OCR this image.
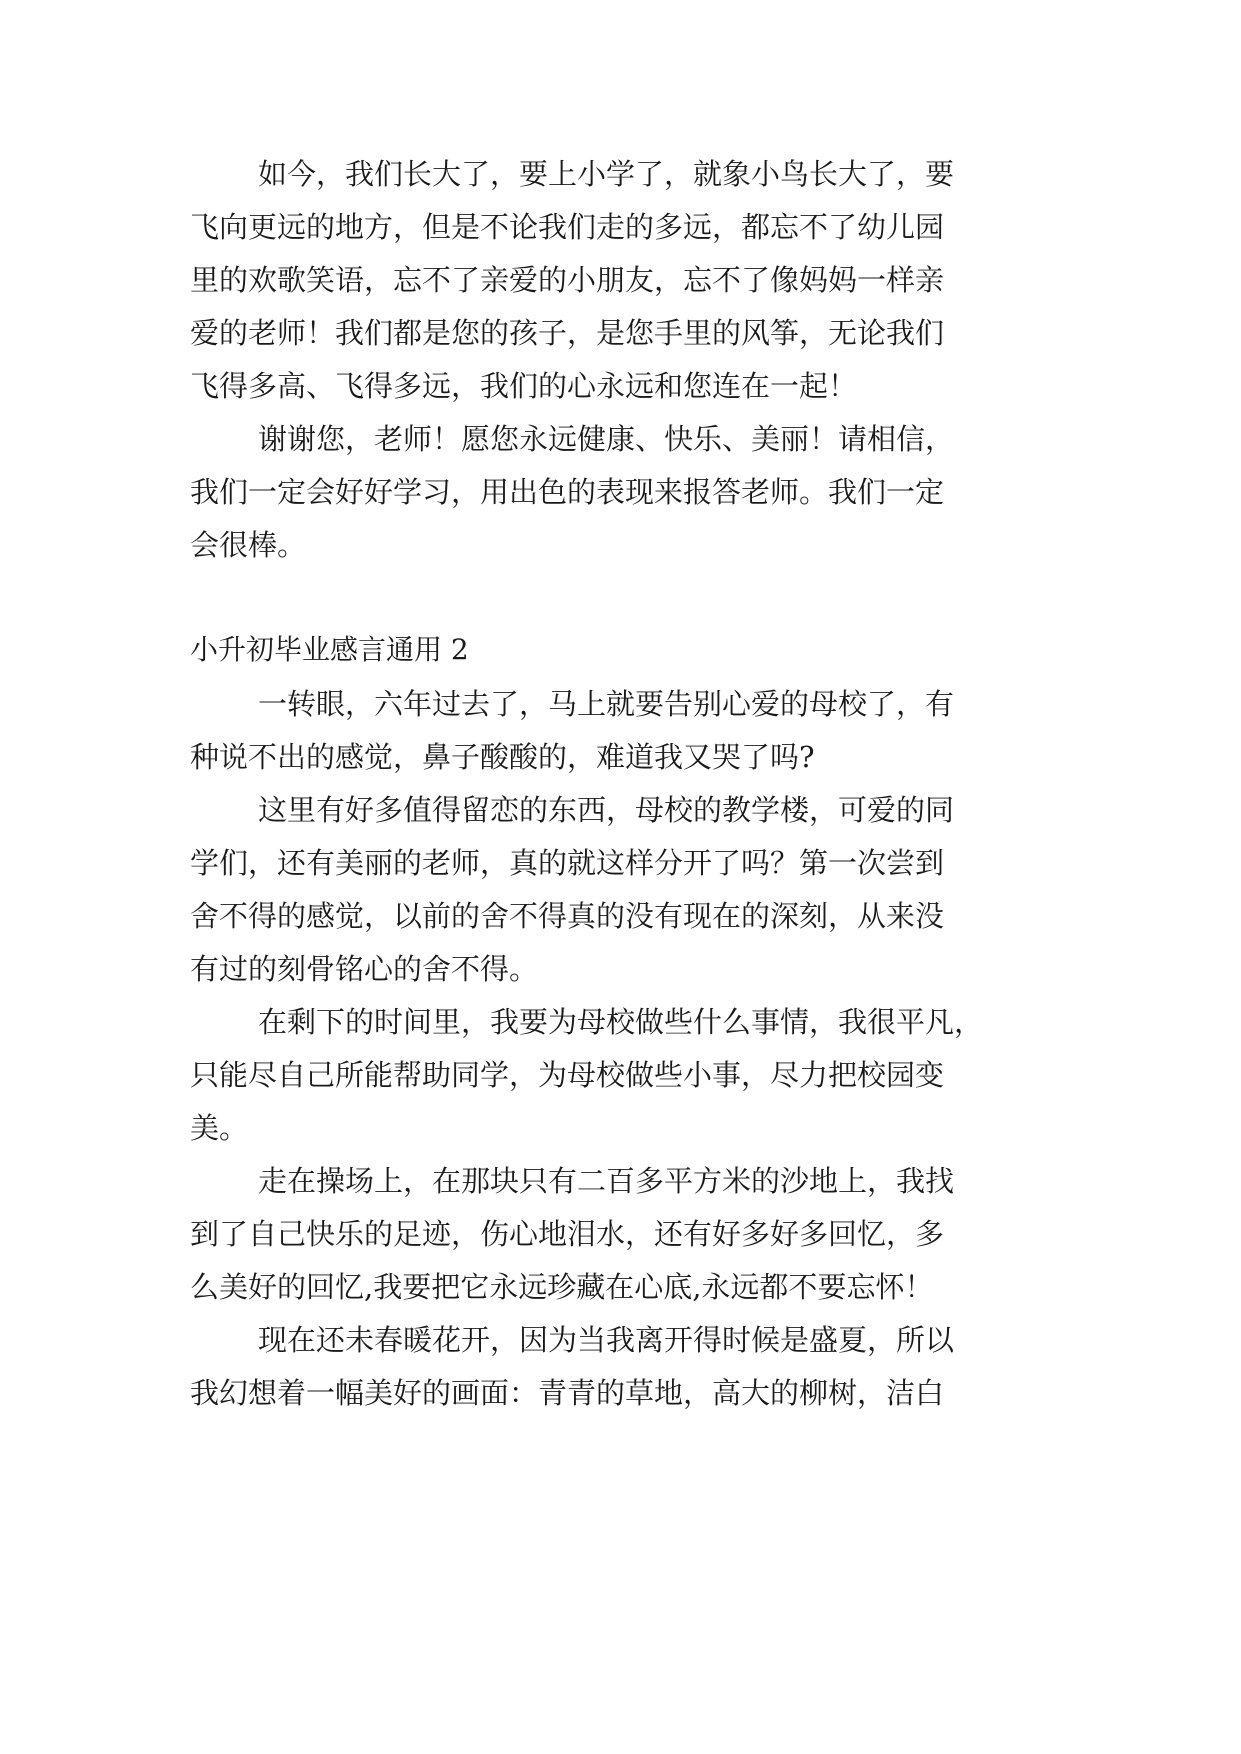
如今，我们长大了，要上小学了，就象小鸟长大了，要
飞向更远的地方，但是不论我们走的多远，都忘不了幼儿园
里的欢歌笑语，忘不了亲爱的小朋友，忘不了像妈妈一样亲
爱的老师！我们都是您的孩子，是您手里的风筝，无论我们
飞得多高、飞得多远，我们的心永远和您连在一起！
谢谢您，老师！愿您永远健康、快乐、美丽！请相信，
我们一定会好好学习，用出色的表现来报答老师。我们一定
会很棒。
小升初毕业感言通用 2
一转眼，六年过去了，马上就要告别心爱的母校了，有
种说不出的感觉，鼻子酸酸的，难道我又哭了吗?
这里有好多值得留恋的东西，母校的教学楼，可爱的同
学们，还有美丽的老师，真的就这样分开了吗？第一次尝到
舍不得的感觉，以前的舍不得真的没有现在的深刻，从来没
有过的刻骨铭心的舍不得。
在剩下的时间里，我要为母校做些什么事情，我很平凡，
只能尽自己所能帮助同学，为母校做些小事，尽力把校园变
美。
走在操场上，在那块只有二百多平方米的沙地上，我找
到了自己快乐的足迹，伤心地泪水，还有好多好多回忆，多
么美好的回忆,我要把它永远珍藏在心底,永远都不要忘怀！
现在还未春暖花开，因为当我离开得时候是盛夏，所以
我幻想着一幅美好的画面：青青的草地，高大的柳树，洁白
